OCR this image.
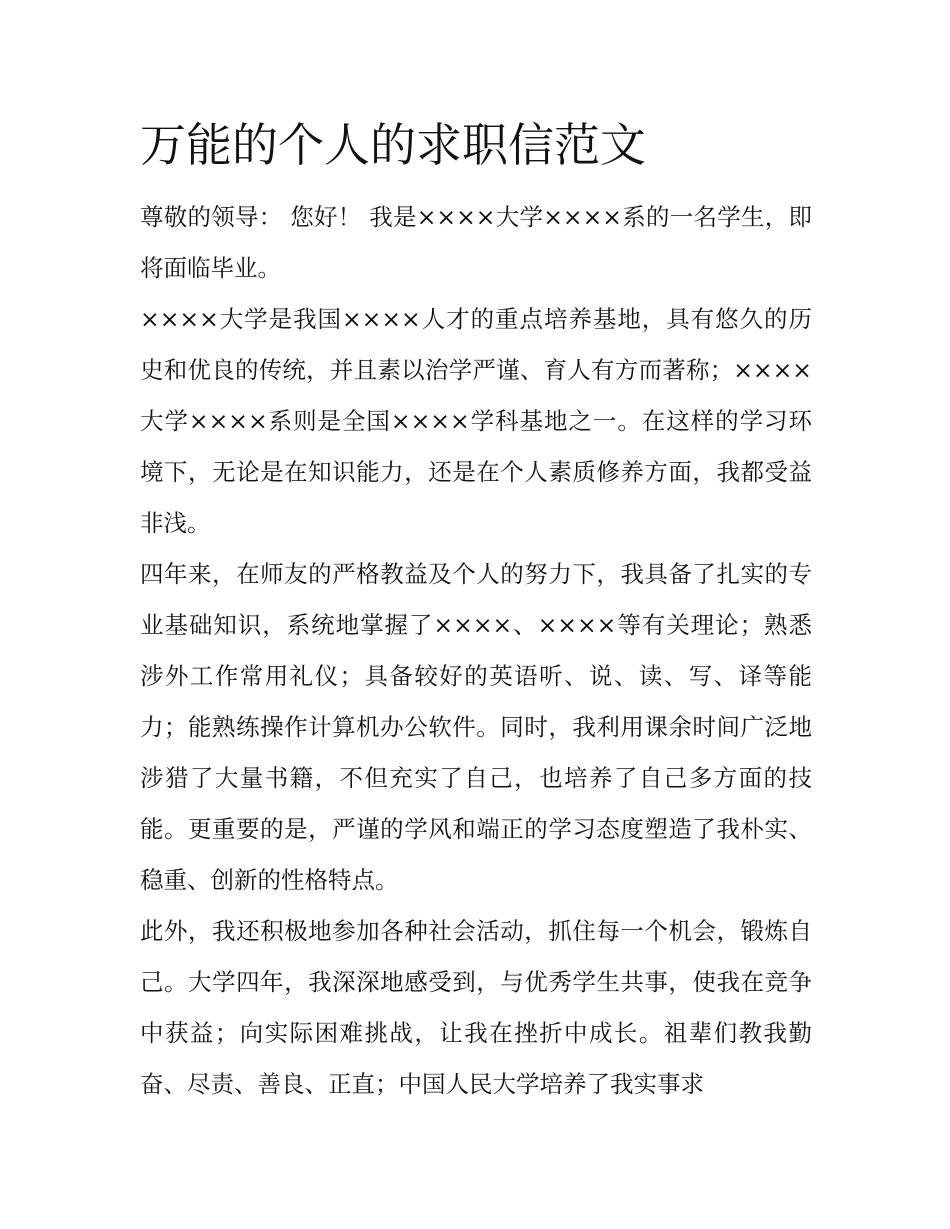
万能的个人的求职信范文

尊敬的领导： 您好！ 我是××××大学××××系的一名学生，即将面临毕业。

××××大学是我国××××人才的重点培养基地，具有悠久的历史和优良的传统，并且素以治学严谨、育人有方而著称；××××大学××××系则是全国××××学科基地之一。在这样的学习环境下，无论是在知识能力，还是在个人素质修养方面，我都受益非浅。

四年来，在师友的严格教益及个人的努力下，我具备了扎实的专业基础知识，系统地掌握了××××、××××等有关理论；熟悉涉外工作常用礼仪；具备较好的英语听、说、读、写、译等能力；能熟练操作计算机办公软件。同时，我利用课余时间广泛地涉猎了大量书籍，不但充实了自己，也培养了自己多方面的技能。更重要的是，严谨的学风和端正的学习态度塑造了我朴实、稳重、创新的性格特点。

此外，我还积极地参加各种社会活动，抓住每一个机会，锻炼自己。大学四年，我深深地感受到，与优秀学生共事，使我在竞争中获益；向实际困难挑战，让我在挫折中成长。祖辈们教我勤奋、尽责、善良、正直；中国人民大学培养了我实事求
